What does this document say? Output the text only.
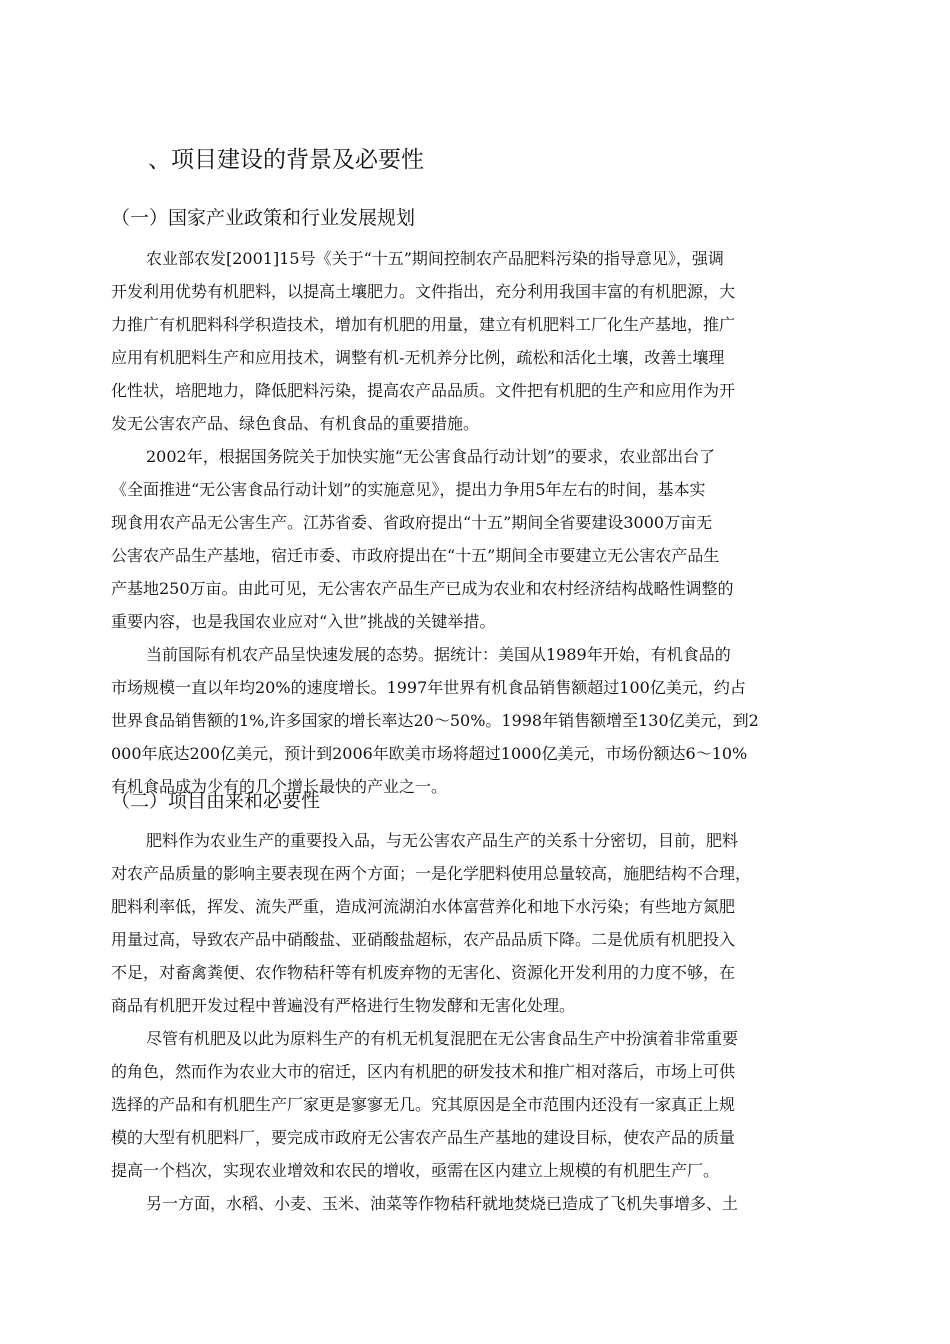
、项目建设的背景及必要性
（一）国家产业政策和行业发展规划

农业部农发[2001]15号《关于“十五”期间控制农产品肥料污染的指导意见》，强调

开发利用优势有机肥料，以提高土壤肥力。文件指出，充分利用我国丰富的有机肥源，大

力推广有机肥料科学积造技术，增加有机肥的用量，建立有机肥料工厂化生产基地，推广

应用有机肥料生产和应用技术，调整有机-无机养分比例，疏松和活化土壤，改善土壤理

化性状，培肥地力，降低肥料污染，提高农产品品质。文件把有机肥的生产和应用作为开

发无公害农产品、绿色食品、有机食品的重要措施。

2002年，根据国务院关于加快实施“无公害食品行动计划”的要求，农业部出台了

《全面推进“无公害食品行动计划”的实施意见》，提出力争用5年左右的时间，基本实

现食用农产品无公害生产。江苏省委、省政府提出“十五”期间全省要建设3000万亩无

公害农产品生产基地，宿迁市委、市政府提出在“十五”期间全市要建立无公害农产品生

产基地250万亩。由此可见，无公害农产品生产已成为农业和农村经济结构战略性调整的

重要内容，也是我国农业应对“入世”挑战的关键举措。

当前国际有机农产品呈快速发展的态势。据统计：美国从1989年开始，有机食品的

市场规模一直以年均20%的速度增长。1997年世界有机食品销售额超过100亿美元，约占

世界食品销售额的1%,许多国家的增长率达20～50%。1998年销售额增至130亿美元，到2

000年底达200亿美元，预计到2006年欧美市场将超过1000亿美元，市场份额达6～10%

有机食品成为少有的几个增长最快的产业之一。

（二）项目由来和必要性

肥料作为农业生产的重要投入品，与无公害农产品生产的关系十分密切，目前，肥料

对农产品质量的影响主要表现在两个方面；一是化学肥料使用总量较高，施肥结构不合理，

肥料利率低，挥发、流失严重，造成河流湖泊水体富营养化和地下水污染；有些地方氮肥

用量过高，导致农产品中硝酸盐、亚硝酸盐超标，农产品品质下降。二是优质有机肥投入

不足，对畜禽粪便、农作物秸秆等有机废弃物的无害化、资源化开发利用的力度不够，在

商品有机肥开发过程中普遍没有严格进行生物发酵和无害化处理。

尽管有机肥及以此为原料生产的有机无机复混肥在无公害食品生产中扮演着非常重要

的角色，然而作为农业大市的宿迁，区内有机肥的研发技术和推广相对落后，市场上可供

选择的产品和有机肥生产厂家更是寥寥无几。究其原因是全市范围内还没有一家真正上规

模的大型有机肥料厂，要完成市政府无公害农产品生产基地的建设目标，使农产品的质量

提高一个档次，实现农业增效和农民的增收，亟需在区内建立上规模的有机肥生产厂。

另一方面，水稻、小麦、玉米、油菜等作物秸秆就地焚烧已造成了飞机失事增多、土
